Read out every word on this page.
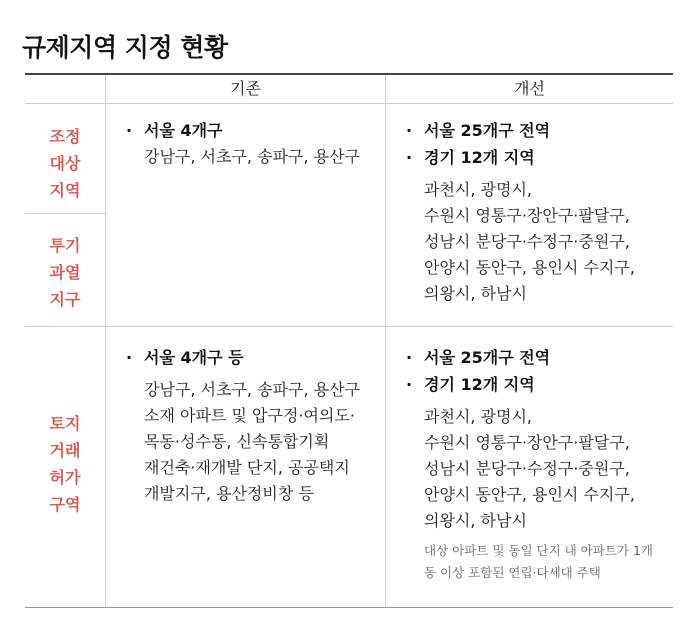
규제지역 지정 현황
기존	개선
조정
대상
지역
투기
과열
지구
· 서울 4개구
강남구, 서초구, 송파구, 용산구
· 서울 25개구 전역
· 경기 12개 지역
과천시, 광명시,
수원시 영통구·장안구·팔달구,
성남시 분당구·수정구·중원구,
안양시 동안구, 용인시 수지구,
의왕시, 하남시
토지
거래
허가
구역
· 서울 4개구 등
강남구, 서초구, 송파구, 용산구
소재 아파트 및 압구정·여의도·
목동·성수동, 신속통합기획
재건축·재개발 단지, 공공택지
개발지구, 용산정비창 등
· 서울 25개구 전역
· 경기 12개 지역
과천시, 광명시,
수원시 영통구·장안구·팔달구,
성남시 분당구·수정구·중원구,
안양시 동안구, 용인시 수지구,
의왕시, 하남시
대상 아파트 및 동일 단지 내 아파트가 1개
동 이상 포함된 연립·다세대 주택
